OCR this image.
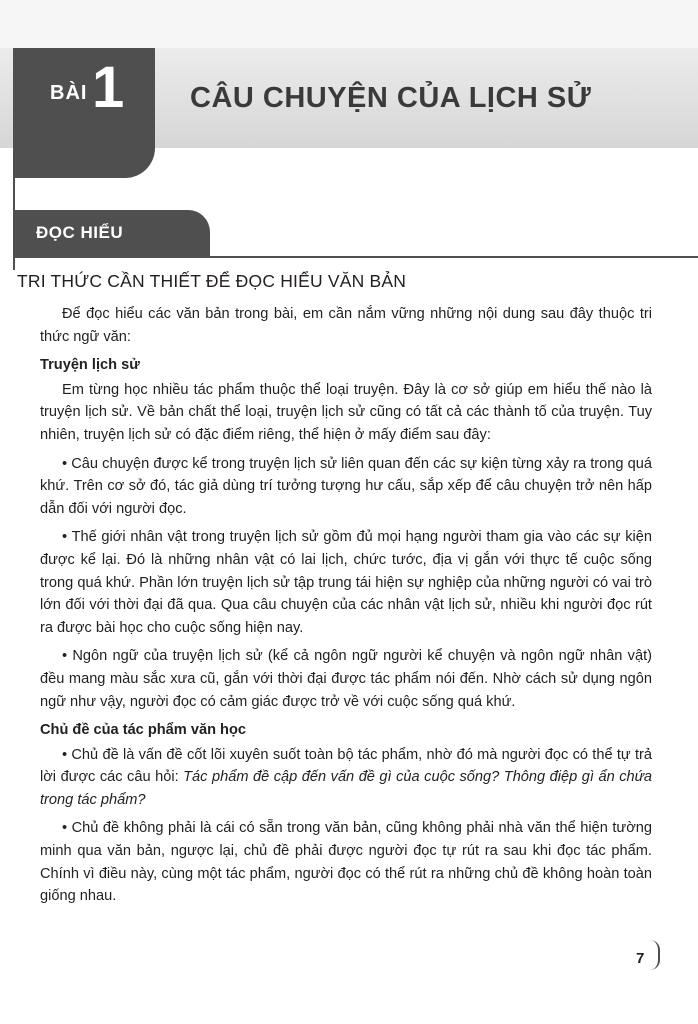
BÀI 1 CÂU CHUYỆN CỦA LỊCH SỬ
ĐỌC HIỂU
TRI THỨC CẦN THIẾT ĐỂ ĐỌC HIỂU VĂN BẢN

Để đọc hiểu các văn bản trong bài, em cần nắm vững những nội dung sau đây thuộc tri thức ngữ văn:

Truyện lịch sử

Em từng học nhiều tác phẩm thuộc thể loại truyện. Đây là cơ sở giúp em hiểu thế nào là truyện lịch sử. Về bản chất thể loại, truyện lịch sử cũng có tất cả các thành tố của truyện. Tuy nhiên, truyện lịch sử có đặc điểm riêng, thể hiện ở mấy điểm sau đây:

• Câu chuyện được kể trong truyện lịch sử liên quan đến các sự kiện từng xảy ra trong quá khứ. Trên cơ sở đó, tác giả dùng trí tưởng tượng hư cấu, sắp xếp để câu chuyện trở nên hấp dẫn đối với người đọc.

• Thế giới nhân vật trong truyện lịch sử gồm đủ mọi hạng người tham gia vào các sự kiện được kể lại. Đó là những nhân vật có lai lịch, chức tước, địa vị gắn với thực tế cuộc sống trong quá khứ. Phần lớn truyện lịch sử tập trung tái hiện sự nghiệp của những người có vai trò lớn đối với thời đại đã qua. Qua câu chuyện của các nhân vật lịch sử, nhiều khi người đọc rút ra được bài học cho cuộc sống hiện nay.

• Ngôn ngữ của truyện lịch sử (kể cả ngôn ngữ người kể chuyện và ngôn ngữ nhân vật) đều mang màu sắc xưa cũ, gắn với thời đại được tác phẩm nói đến. Nhờ cách sử dụng ngôn ngữ như vậy, người đọc có cảm giác được trở về với cuộc sống quá khứ.

Chủ đề của tác phẩm văn học

• Chủ đề là vấn đề cốt lõi xuyên suốt toàn bộ tác phẩm, nhờ đó mà người đọc có thể tự trả lời được các câu hỏi: Tác phẩm đề cập đến vấn đề gì của cuộc sống? Thông điệp gì ẩn chứa trong tác phẩm?

• Chủ đề không phải là cái có sẵn trong văn bản, cũng không phải nhà văn thể hiện tường minh qua văn bản, ngược lại, chủ đề phải được người đọc tự rút ra sau khi đọc tác phẩm. Chính vì điều này, cùng một tác phẩm, người đọc có thể rút ra những chủ đề không hoàn toàn giống nhau.

7
